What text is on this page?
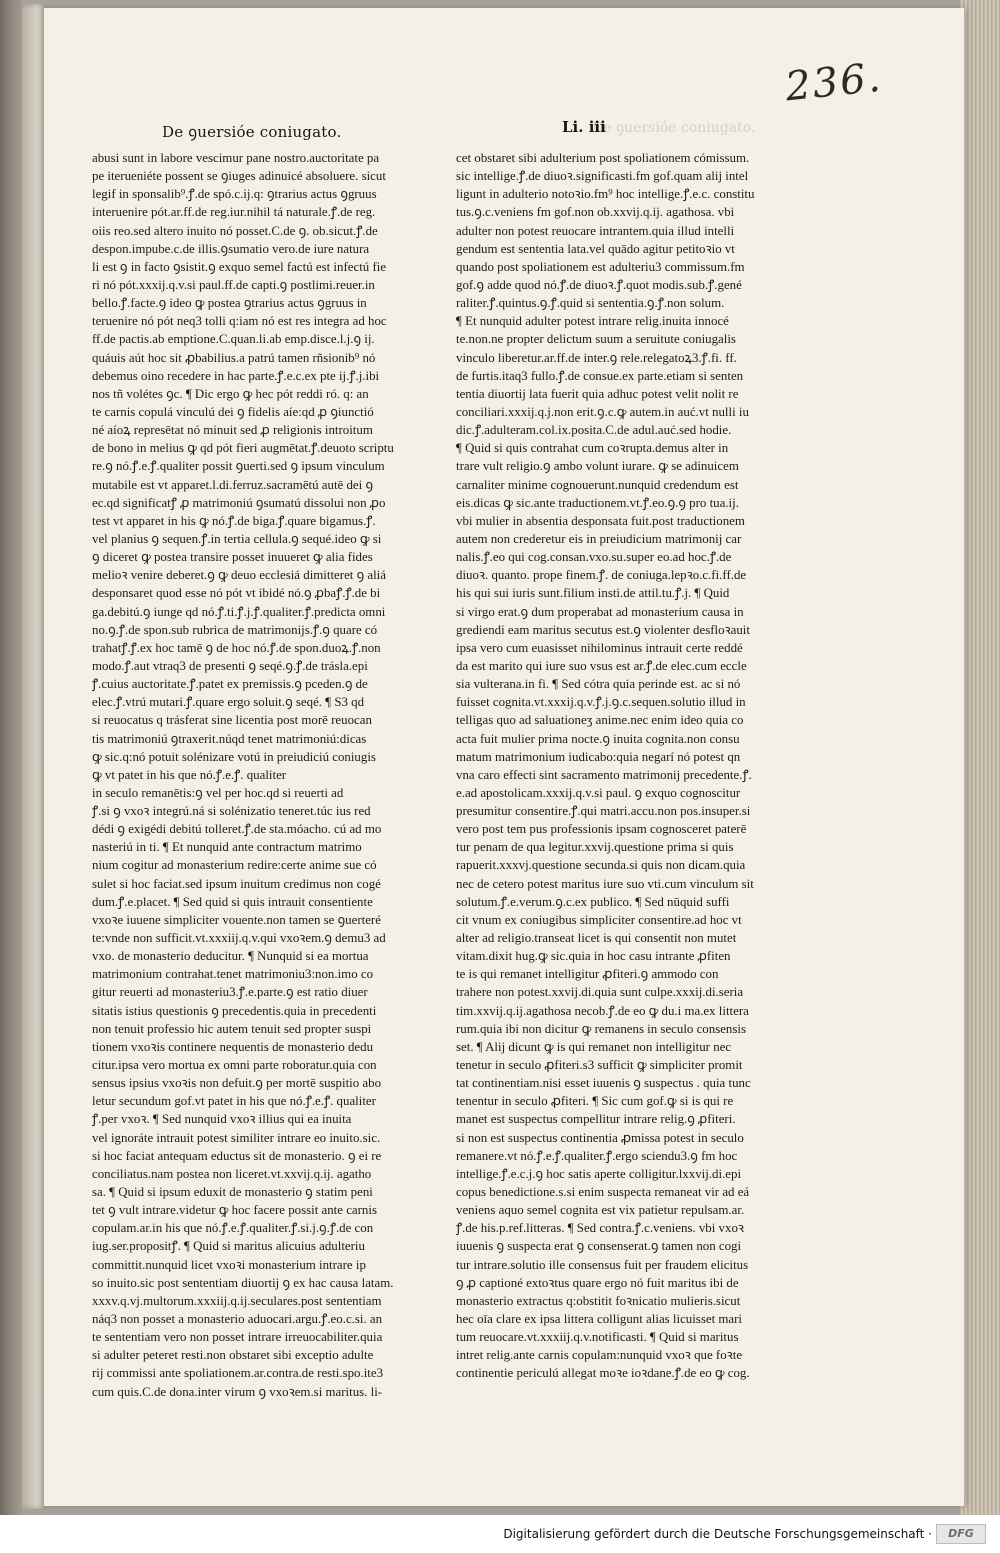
236.
De ꝯuersióe coniugato.	De ꝯuersióe coniugato.
Li. iii
abusi sunt in labore vescimur pane nostro.auctoritate pa
pe iterueniéte possent se ꝯiuges adinuicé absoluere. sicut
legif in sponsalib⁹.ꝭ.de spó.c.ij.q: ꝯtrarius actus ꝯgruus
interuenire pót.ar.ff.de reg.iur.nihil tá naturale.ꝭ.de reg.
oiis reo.sed altero inuito nó posset.C.de ꝯ. ob.sicut.ꝭ.de
despon.impube.c.de illis.ꝯsumatio vero.de iure natura
li est ꝯ in facto ꝯsistit.ꝯ exquo semel factú est infectú fie
ri nó pót.xxxij.q.v.si paul.ff.de capti.ꝯ postlimi.reuer.in
bello.ꝭ.facte.ꝯ ideo ꝙ postea ꝯtrarius actus ꝯgruus in
teruenire nó pót neq3 tolli q:iam nó est res integra ad hoc
ff.de pactis.ab emptione.C.quan.li.ab emp.disce.l.j.ꝯ ij.
quáuis aút hoc sit ꝓbabilius.a patrú tamen rñsionib⁹ nó
debemus oino recedere in hac parte.ꝭ.e.c.ex pte ij.ꝭ.j.ibi
nos tñ volétes ꝯc. ¶ Dic ergo ꝙ hec pót reddi ró. q: an
te carnis copulá vinculú dei ꝯ fidelis aíe:qd ꝓ ꝯiunctió
né aíoꝝ represētat nó minuit sed ꝓ religionis introitum
de bono in melius ꝙ qd pót fieri augmētat.ꝭ.deuoto scriptu
re.ꝯ nó.ꝭ.e.ꝭ.qualiter possit ꝯuerti.sed ꝯ ipsum vinculum
mutabile est vt apparet.l.di.ferruz.sacramētú autē dei ꝯ
ec.qd significatꝭ ꝓ matrimoniú ꝯsumatú dissolui non ꝓo
test vt apparet in his ꝙ nó.ꝭ.de biga.ꝭ.quare bigamus.ꝭ.
vel planius ꝯ sequen.ꝭ.in tertia cellula.ꝯ sequé.ideo ꝙ si
ꝯ diceret ꝙ postea transire posset inuueret ꝙ alia fides
melioꝛ venire deberet.ꝯ ꝙ deuo ecclesiá dimitteret ꝯ aliá
desponsaret quod esse nó pót vt ibidé nó.ꝯ ꝓbaꝭ.ꝭ.de bi
ga.debitú.ꝯ iunge qd nó.ꝭ.ti.ꝭ.j.ꝭ.qualiter.ꝭ.predicta omni
no.ꝯ.ꝭ.de spon.sub rubrica de matrimonijs.ꝭ.ꝯ quare có
trahatꝭ.ꝭ.ex hoc tamē ꝯ de hoc nó.ꝭ.de spon.duoꝝ.ꝭ.non
modo.ꝭ.aut vtraq3 de presenti ꝯ seqé.ꝯ.ꝭ.de trásla.epi
ꝭ.cuius auctoritate.ꝭ.patet ex premissis.ꝯ pceden.ꝯ de
elec.ꝭ.vtrú mutari.ꝭ.quare ergo soluit.ꝯ seqé. ¶ S3 qd
si reuocatus q trásferat sine licentia post morē reuocan
tis matrimoniú ꝯtraxerit.núqd tenet matrimoniú:dicas
ꝙ sic.q:nó potuit solénizare votú in preiudiciú coniugis
ꝙ vt patet in his que nó.ꝭ.e.ꝭ. qualiter
in seculo remanētis:ꝯ vel per hoc.qd si reuerti ad
ꝭ.si ꝯ vxoꝛ integrú.ná si solénizatio teneret.túc ius red
dédi ꝯ exigédi debitú tolleret.ꝭ.de sta.móacho. cú ad mo
nasteriú in ti. ¶ Et nunquid ante contractum matrimo
nium cogitur ad monasterium redire:certe anime sue có
sulet si hoc faciat.sed ipsum inuitum credimus non cogé
dum.ꝭ.e.placet. ¶ Sed quid si quis intrauit consentiente
vxoꝛe iuuene simpliciter vouente.non tamen se ꝯuerteré
te:vnde non sufficit.vt.xxxiij.q.v.qui vxoꝛem.ꝯ demu3 ad
vxo. de monasterio deducitur. ¶ Nunquid si ea mortua
matrimonium contrahat.tenet matrimoniu3:non.imo co
gitur reuerti ad monasteriu3.ꝭ.e.parte.ꝯ est ratio diuer
sitatis istius questionis ꝯ precedentis.quia in precedenti
non tenuit professio hic autem tenuit sed propter suspi
tionem vxoꝛis continere nequentis de monasterio dedu
citur.ipsa vero mortua ex omni parte roboratur.quia con
sensus ipsius vxoꝛis non defuit.ꝯ per mortē suspitio abo
letur secundum gof.vt patet in his que nó.ꝭ.e.ꝭ. qualiter
ꝭ.per vxoꝛ. ¶ Sed nunquid vxoꝛ illius qui ea inuita
vel ignoráte intrauit potest similiter intrare eo inuito.sic.
si hoc faciat antequam eductus sit de monasterio. ꝯ ei re
conciliatus.nam postea non liceret.vt.xxvij.q.ij. agatho
sa. ¶ Quid si ipsum eduxit de monasterio ꝯ statim peni
tet ꝯ vult intrare.videtur ꝙ hoc facere possit ante carnis
copulam.ar.in his que nó.ꝭ.e.ꝭ.qualiter.ꝭ.si.j.ꝯ.ꝭ.de con
iug.ser.propositꝭ. ¶ Quid si maritus alicuius adulteriu
committit.nunquid licet vxoꝛi monasterium intrare ip
so inuito.sic post sententiam diuortij ꝯ ex hac causa latam.
xxxv.q.vj.multorum.xxxiij.q.ij.seculares.post sententiam
náq3 non posset a monasterio aduocari.argu.ꝭ.eo.c.si. an
te sententiam vero non posset intrare irreuocabiliter.quia
si adulter peteret resti.non obstaret sibi exceptio adulte
rij commissi ante spoliationem.ar.contra.de resti.spo.ite3
cum quis.C.de dona.inter virum ꝯ vxoꝛem.si maritus. li-
cet obstaret sibi adulterium post spoliationem cómissum.
sic intellige.ꝭ.de diuoꝛ.significasti.fm gof.quam alij intel
ligunt in adulterio notoꝛio.fm⁹ hoc intellige.ꝭ.e.c. constitu
tus.ꝯ.c.veniens fm gof.non ob.xxvij.q.ij. agathosa. vbi
adulter non potest reuocare intrantem.quia illud intelli
gendum est sententia lata.vel quādo agitur petitoꝛio vt
quando post spoliationem est adulteriu3 commissum.fm
gof.ꝯ adde quod nó.ꝭ.de diuoꝛ.ꝭ.quot modis.sub.ꝭ.gené
raliter.ꝭ.quintus.ꝯ.ꝭ.quid si sententia.ꝯ.ꝭ.non solum.
¶ Et nunquid adulter potest intrare relig.inuita innocé
te.non.ne propter delictum suum a seruitute coniugalis
vinculo liberetur.ar.ff.de inter.ꝯ rele.relegatoꝝ3.ꝭ.fi. ff.
de furtis.itaq3 fullo.ꝭ.de consue.ex parte.etiam si senten
tentia diuortij lata fuerit quia adhuc potest velit nolit re
conciliari.xxxij.q.j.non erit.ꝯ.c.ꝙ autem.in auć.vt nulli iu
dic.ꝭ.adulteram.col.ix.posita.C.de adul.auć.sed hodie.
¶ Quid si quis contrahat cum coꝛrupta.demus alter in
trare vult religio.ꝯ ambo volunt iurare. ꝙ se adinuicem
carnaliter minime cognouerunt.nunquid credendum est
eis.dicas ꝙ sic.ante traductionem.vt.ꝭ.eo.ꝯ.ꝯ pro tua.ij.
vbi mulier in absentia desponsata fuit.post traductionem
autem non crederetur eis in preiudicium matrimonij car
nalis.ꝭ.eo qui cog.consan.vxo.su.super eo.ad hoc.ꝭ.de
diuoꝛ. quanto. prope finem.ꝭ. de coniuga.lepꝛo.c.fi.ff.de
his qui sui iuris sunt.filium insti.de attil.tu.ꝭ.j. ¶ Quid
si virgo erat.ꝯ dum properabat ad monasterium causa in
grediendi eam maritus secutus est.ꝯ violenter desfloꝛauit
ipsa vero cum euasisset nihilominus intrauit certe reddé
da est marito qui iure suo vsus est ar.ꝭ.de elec.cum eccle
sia vulterana.in fi. ¶ Sed cótra quia perinde est. ac si nó
fuisset cognita.vt.xxxij.q.v.ꝭ.j.ꝯ.c.sequen.solutio illud in
telligas quo ad saluationeʒ anime.nec enim ideo quia co
acta fuit mulier prima nocte.ꝯ inuita cognita.non consu
matum matrimonium iudicabo:quia negarí nó potest qn
vna caro effecti sint sacramento matrimonij precedente.ꝭ.
e.ad apostolicam.xxxij.q.v.si paul. ꝯ exquo cognoscitur
presumitur consentire.ꝭ.qui matri.accu.non pos.insuper.si
vero post tem pus professionis ipsam cognosceret paterē
tur penam de qua legitur.xxvij.questione prima si quis
rapuerit.xxxvj.questione secunda.si quis non dicam.quia
nec de cetero potest maritus iure suo vti.cum vinculum sit
solutum.ꝭ.e.verum.ꝯ.c.ex publico. ¶ Sed nūquid suffi
cit vnum ex coniugibus simpliciter consentire.ad hoc vt
alter ad religio.transeat licet is qui consentit non mutet
vitam.dixit hug.ꝙ sic.quia in hoc casu intrante ꝓfiten
te is qui remanet intelligitur ꝓfiteri.ꝯ ammodo con
trahere non potest.xxvij.di.quia sunt culpe.xxxij.di.seria
tim.xxvij.q.ij.agathosa necob.ꝭ.de eo ꝙ du.i ma.ex littera
rum.quia ibi non dicitur ꝙ remanens in seculo consensis
set. ¶ Alij dicunt ꝙ is qui remanet non intelligitur nec
tenetur in seculo ꝓfiteri.s3 sufficit ꝙ simpliciter promit
tat continentiam.nisi esset iuuenis ꝯ suspectus . quia tunc
tenentur in seculo ꝓfiteri. ¶ Sic cum gof.ꝙ si is qui re
manet est suspectus compellitur intrare relig.ꝯ ꝓfiteri.
si non est suspectus continentia ꝓmissa potest in seculo
remanere.vt nó.ꝭ.e.ꝭ.qualiter.ꝭ.ergo sciendu3.ꝯ fm hoc
intellige.ꝭ.e.c.j.ꝯ hoc satis aperte colligitur.lxxvij.di.epi
copus benedictione.s.si enim suspecta remaneat vir ad eá
veniens aquo semel cognita est vix patietur repulsam.ar.
ꝭ.de his.p.ref.litteras. ¶ Sed contra.ꝭ.c.veniens. vbi vxoꝛ
iuuenis ꝯ suspecta erat ꝯ consenserat.ꝯ tamen non cogi
tur intrare.solutio ille consensus fuit per fraudem elicitus
ꝯ ꝓ captioné extoꝛtus quare ergo nó fuit maritus ibi de
monasterio extractus q:obstitit foꝛnicatio mulieris.sicut
hec oīa clare ex ipsa littera colligunt alias licuisset mari
tum reuocare.vt.xxxiij.q.v.notificasti. ¶ Quid si maritus
intret relig.ante carnis copulam:nunquid vxoꝛ que foꝛte
continentie periculú allegat moꝛe ioꝛdane.ꝭ.de eo ꝙ cog.
Digitalisierung gefördert durch die Deutsche Forschungsgemeinschaft ·	DFG
